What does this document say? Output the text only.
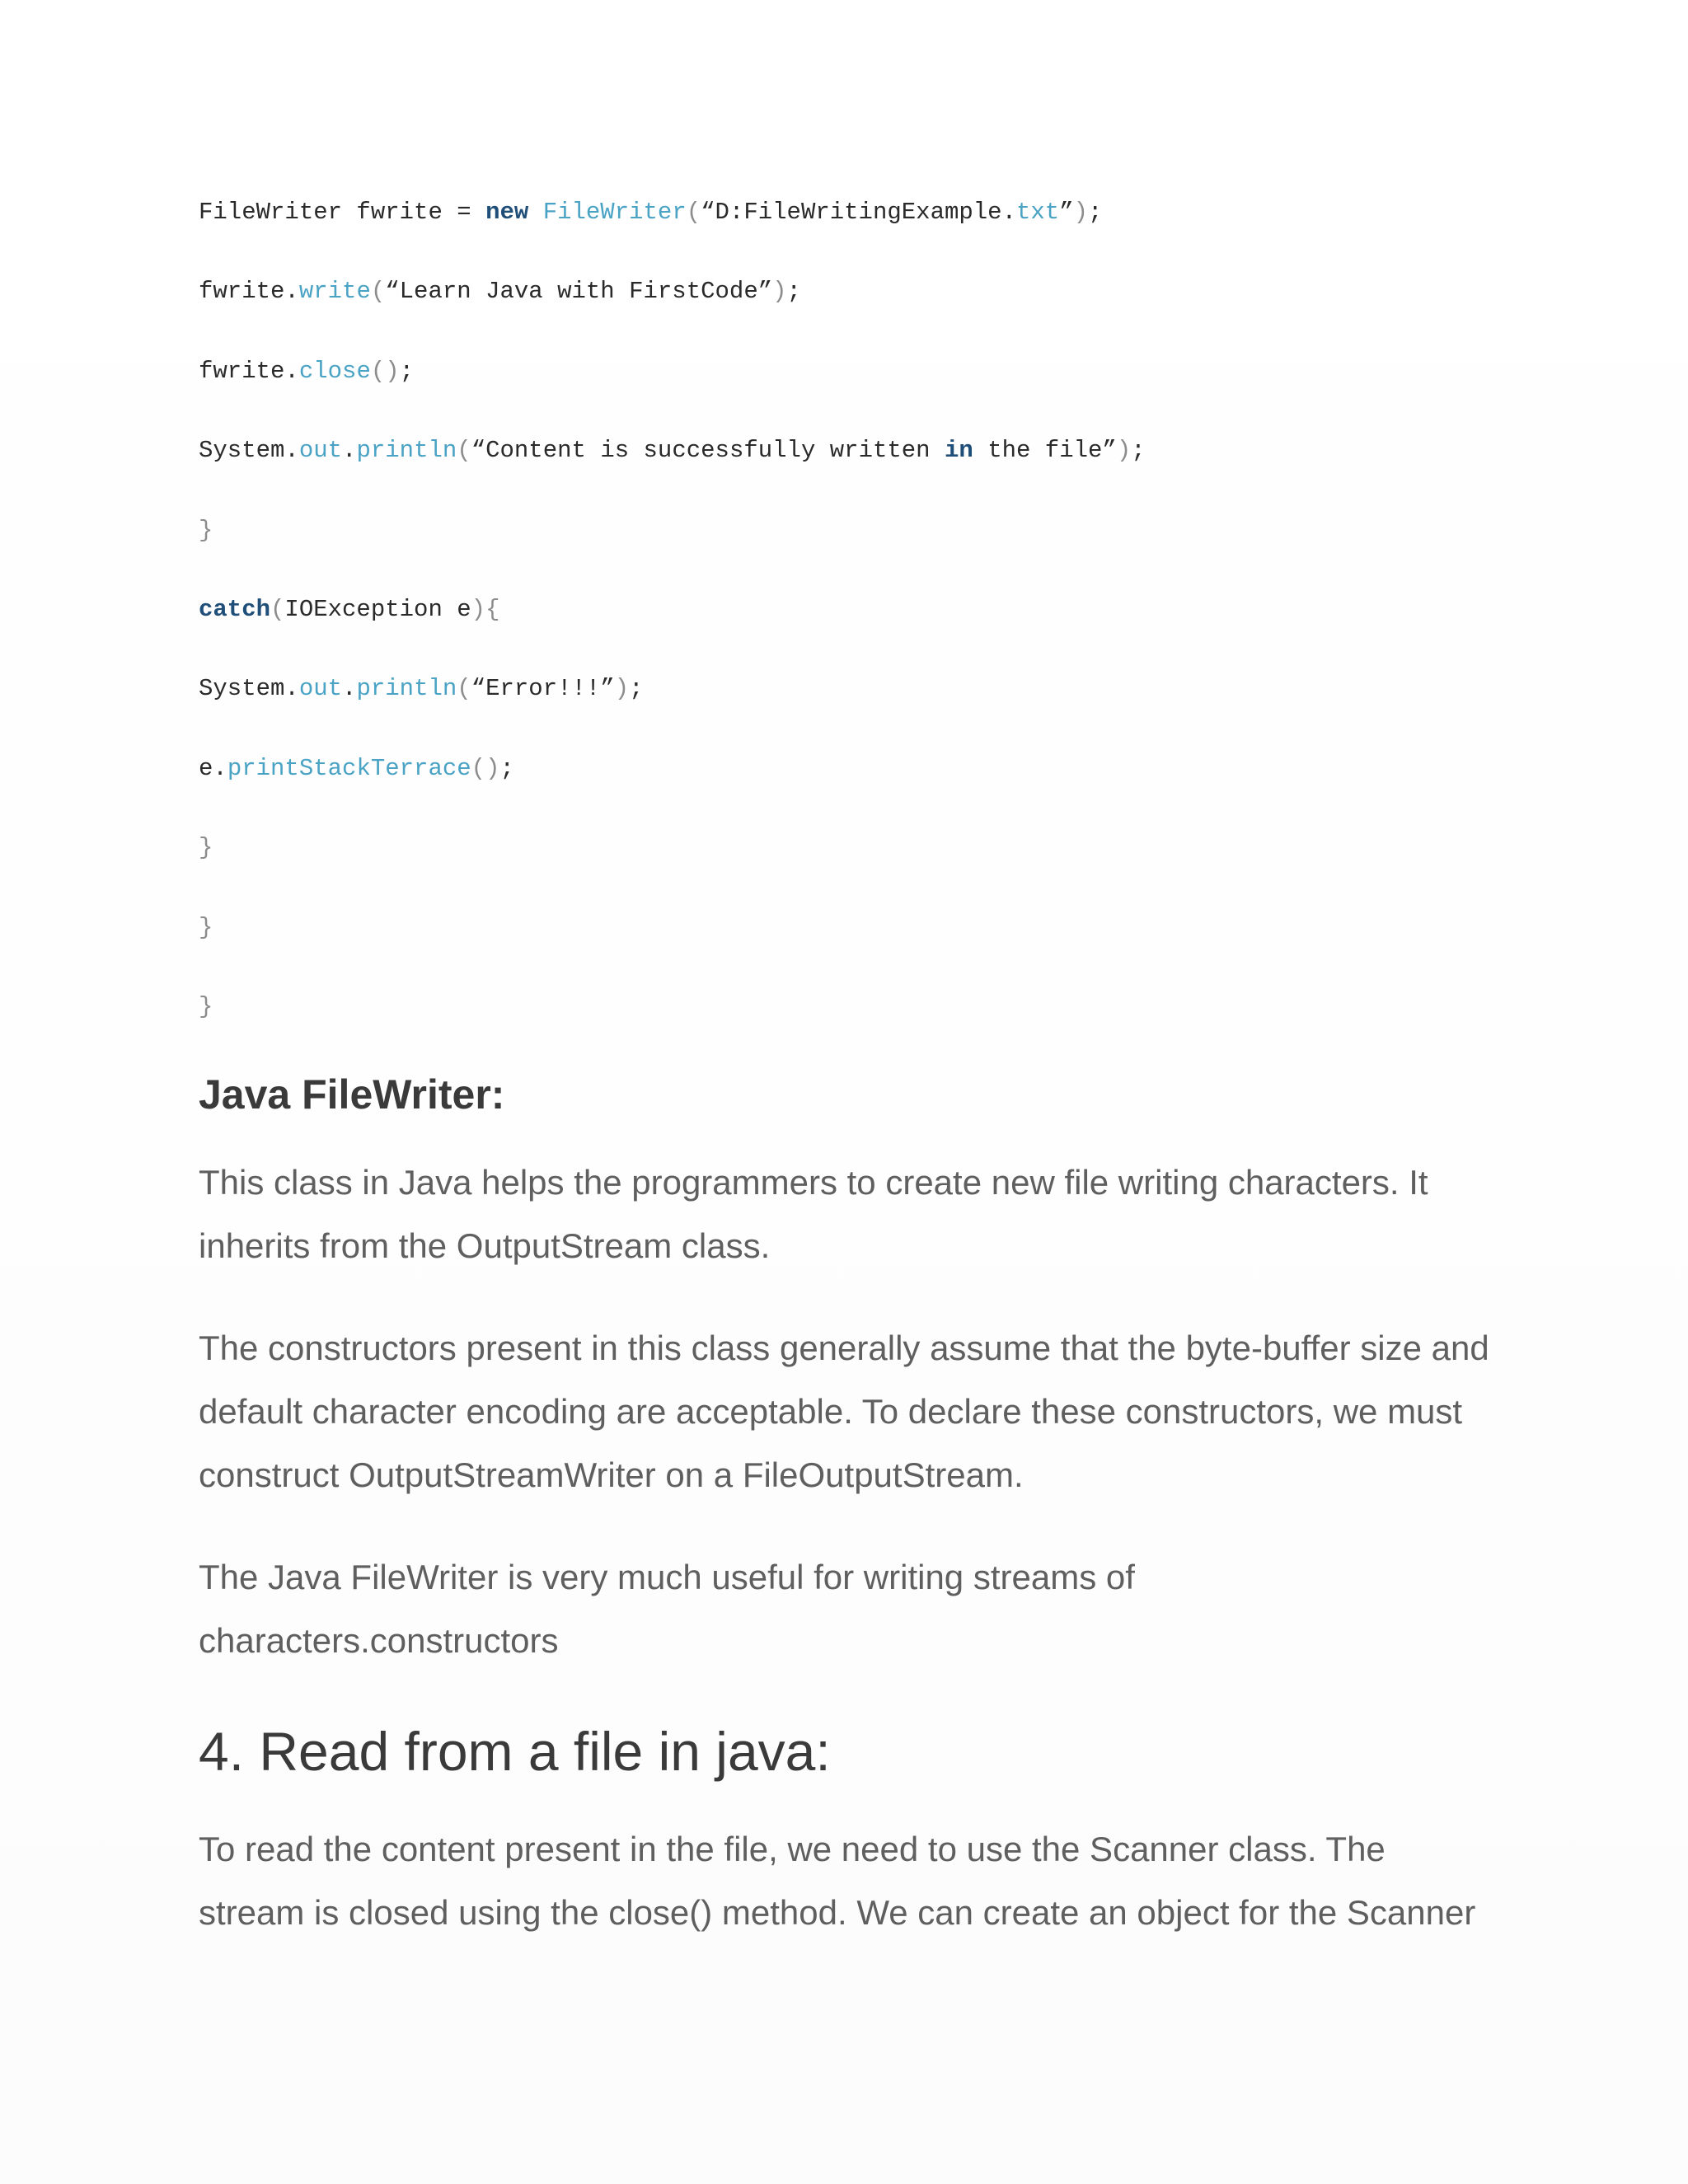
FileWriter fwrite = new FileWriter(“D:FileWritingExample.txt”);
fwrite.write(“Learn Java with FirstCode”);
fwrite.close();
System.out.println(“Content is successfully written in the file”);
}
catch(IOException e){
System.out.println(“Error!!!”);
e.printStackTerrace();
}
}
}
Java FileWriter:

This class in Java helps the programmers to create new file writing characters. It
inherits from the OutputStream class.

The constructors present in this class generally assume that the byte-buffer size and
default character encoding are acceptable. To declare these constructors, we must
construct OutputStreamWriter on a FileOutputStream.

The Java FileWriter is very much useful for writing streams of
characters.constructors

4. Read from a file in java:

To read the content present in the file, we need to use the Scanner class. The
stream is closed using the close() method. We can create an object for the Scanner
